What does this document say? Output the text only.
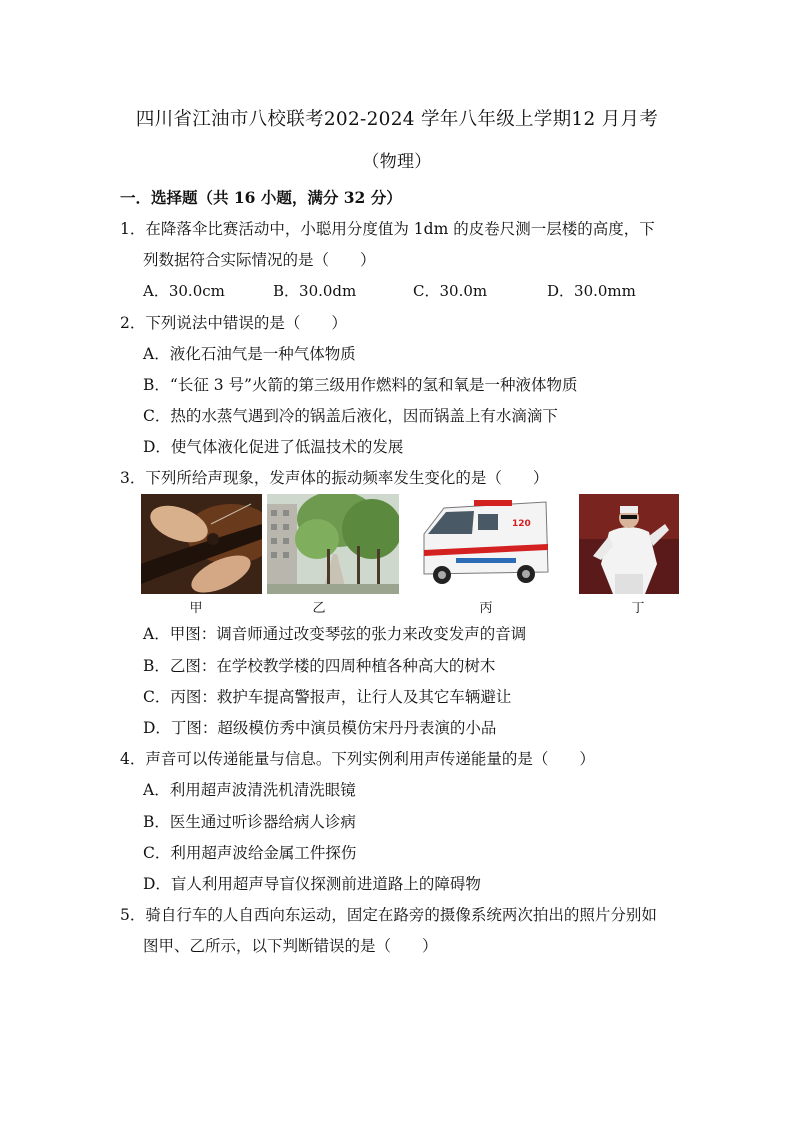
四川省江油市八校联考202-2024 学年八年级上学期12 月月考
（物理）
一．选择题（共 16 小题，满分 32 分）
1．在降落伞比赛活动中，小聪用分度值为 1dm 的皮卷尺测一层楼的高度，下
列数据符合实际情况的是（　　）
A．30.0cm	B．30.0dm	C．30.0m	D．30.0mm
2．下列说法中错误的是（　　）
A．液化石油气是一种气体物质
B．“长征 3 号”火箭的第三级用作燃料的氢和氧是一种液体物质
C．热的水蒸气遇到冷的锅盖后液化，因而锅盖上有水滴滴下
D．使气体液化促进了低温技术的发展
3．下列所给声现象，发声体的振动频率发生变化的是（　　）
120
甲	乙	丙	丁
A．甲图：调音师通过改变琴弦的张力来改变发声的音调
B．乙图：在学校教学楼的四周种植各种高大的树木
C．丙图：救护车提高警报声，让行人及其它车辆避让
D．丁图：超级模仿秀中演员模仿宋丹丹表演的小品
4．声音可以传递能量与信息。下列实例利用声传递能量的是（　　）
A．利用超声波清洗机清洗眼镜
B．医生通过听诊器给病人诊病
C．利用超声波给金属工件探伤
D．盲人利用超声导盲仪探测前进道路上的障碍物
5．骑自行车的人自西向东运动，固定在路旁的摄像系统两次拍出的照片分别如
图甲、乙所示，以下判断错误的是（　　）
